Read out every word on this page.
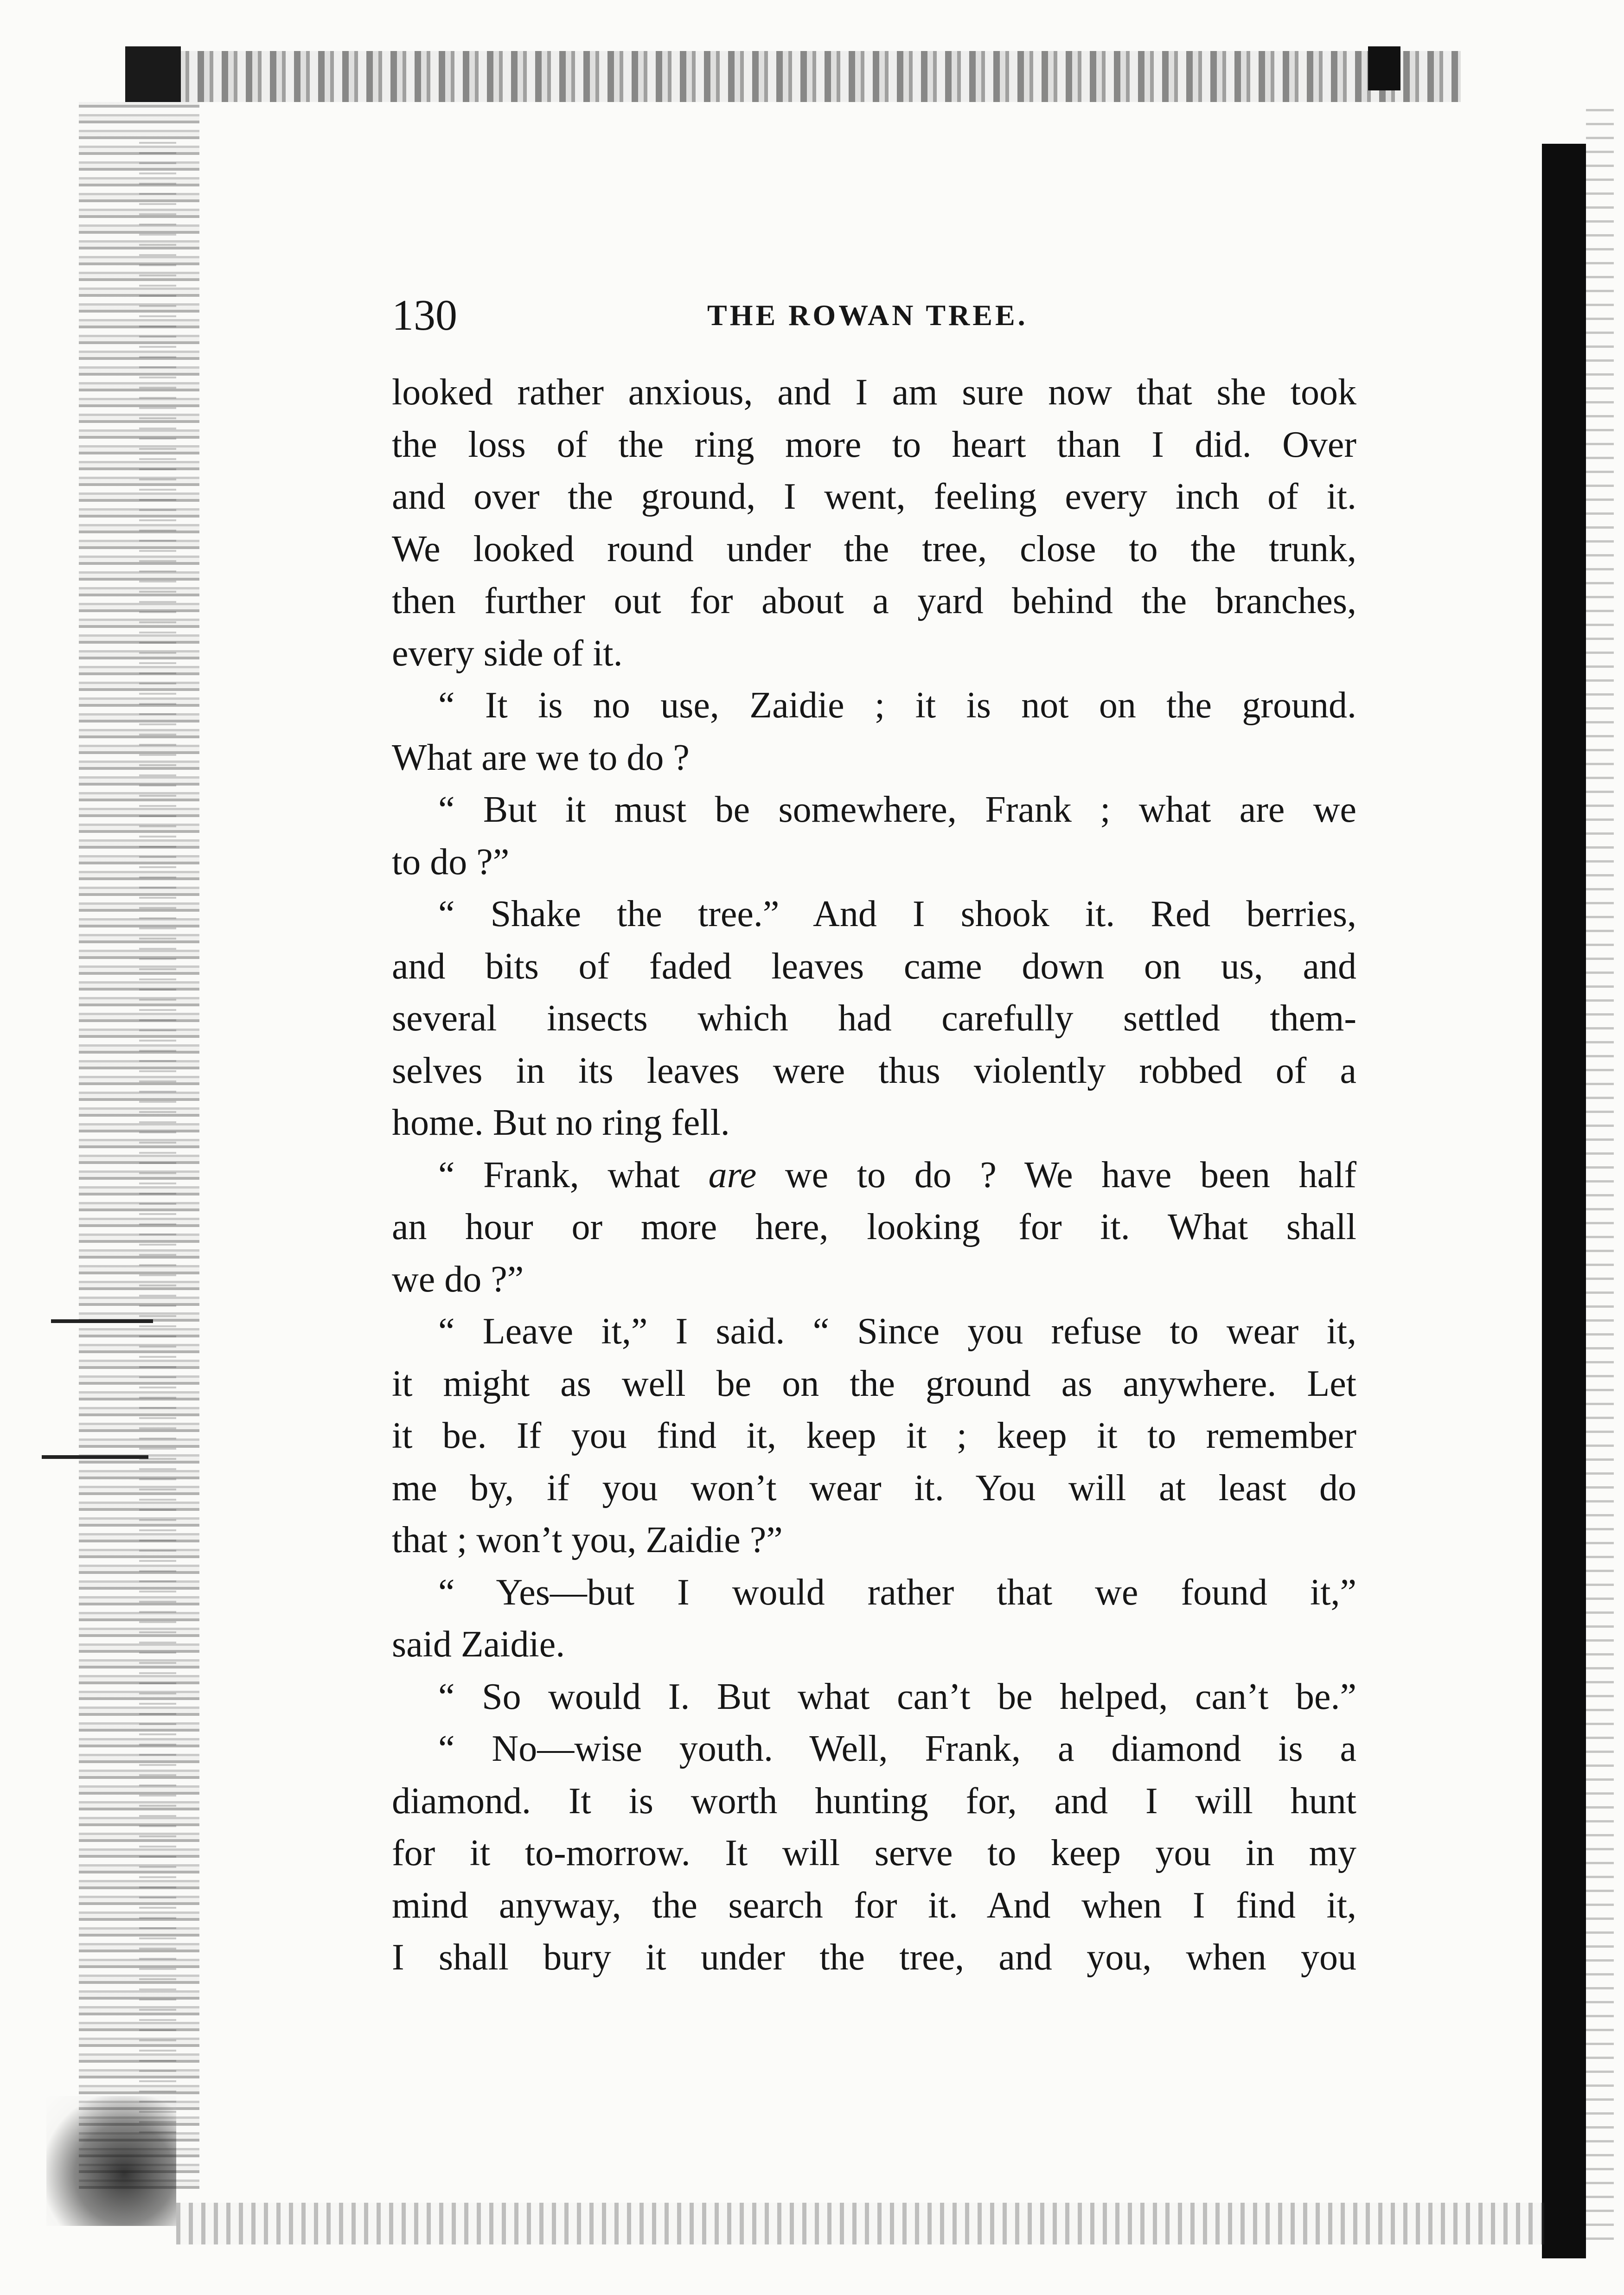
130	THE ROWAN TREE.
looked rather anxious, and I am sure now that she took
the loss of the ring more to heart than I did. Over
and over the ground, I went, feeling every inch of it.
We looked round under the tree, close to the trunk,
then further out for about a yard behind the branches,
every side of it.
“ It is no use, Zaidie ; it is not on the ground.
What are we to do ?
“ But it must be somewhere, Frank ; what are we
to do ?”
“ Shake the tree.” And I shook it. Red berries,
and bits of faded leaves came down on us, and
several insects which had carefully settled them-
selves in its leaves were thus violently robbed of a
home. But no ring fell.
“ Frank, what are we to do ? We have been half
an hour or more here, looking for it. What shall
we do ?”
“ Leave it,” I said. “ Since you refuse to wear it,
it might as well be on the ground as anywhere. Let
it be. If you find it, keep it ; keep it to remember
me by, if you won’t wear it. You will at least do
that ; won’t you, Zaidie ?”
“ Yes—but I would rather that we found it,”
said Zaidie.
“ So would I. But what can’t be helped, can’t be.”
“ No—wise youth. Well, Frank, a diamond is a
diamond. It is worth hunting for, and I will hunt
for it to-morrow. It will serve to keep you in my
mind anyway, the search for it. And when I find it,
I shall bury it under the tree, and you, when you
